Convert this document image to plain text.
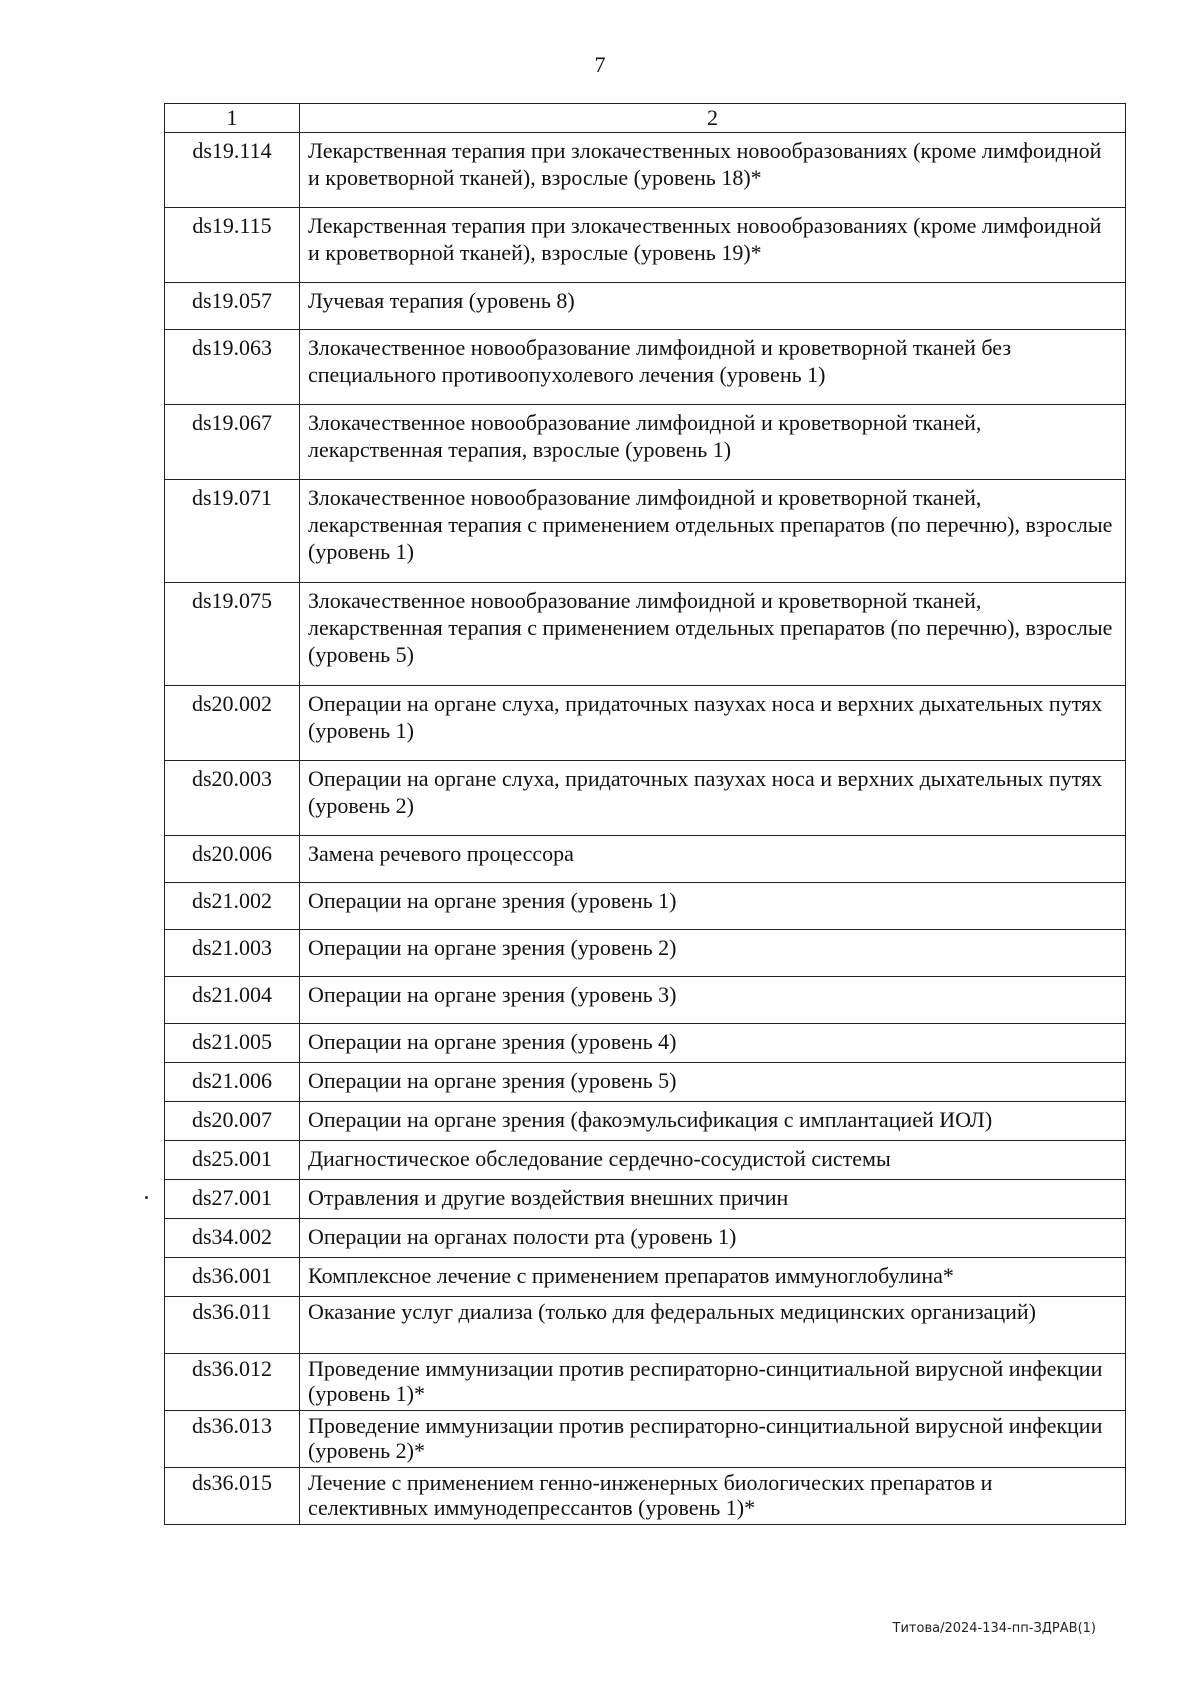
7
1	2
ds19.114	Лекарственная терапия при злокачественных новообразованиях (кроме лимфоидной и кроветворной тканей), взрослые (уровень 18)*
ds19.115	Лекарственная терапия при злокачественных новообразованиях (кроме лимфоидной и кроветворной тканей), взрослые (уровень 19)*
ds19.057	Лучевая терапия (уровень 8)
ds19.063	Злокачественное новообразование лимфоидной и кроветворной тканей без специального противоопухолевого лечения (уровень 1)
ds19.067	Злокачественное новообразование лимфоидной и кроветворной тканей, лекарственная терапия, взрослые (уровень 1)
ds19.071	Злокачественное новообразование лимфоидной и кроветворной тканей, лекарственная терапия с применением отдельных препаратов (по перечню), взрослые (уровень 1)
ds19.075	Злокачественное новообразование лимфоидной и кроветворной тканей, лекарственная терапия с применением отдельных препаратов (по перечню), взрослые (уровень 5)
ds20.002	Операции на органе слуха, придаточных пазухах носа и верхних дыхательных путях (уровень 1)
ds20.003	Операции на органе слуха, придаточных пазухах носа и верхних дыхательных путях (уровень 2)
ds20.006	Замена речевого процессора
ds21.002	Операции на органе зрения (уровень 1)
ds21.003	Операции на органе зрения (уровень 2)
ds21.004	Операции на органе зрения (уровень 3)
ds21.005	Операции на органе зрения (уровень 4)
ds21.006	Операции на органе зрения (уровень 5)
ds20.007	Операции на органе зрения (факоэмульсификация с имплантацией ИОЛ)
ds25.001	Диагностическое обследование сердечно-сосудистой системы
ds27.001	Отравления и другие воздействия внешних причин
ds34.002	Операции на органах полости рта (уровень 1)
ds36.001	Комплексное лечение с применением препаратов иммуноглобулина*
ds36.011	Оказание услуг диализа (только для федеральных медицинских организаций)
ds36.012	Проведение иммунизации против респираторно-синцитиальной вирусной инфекции (уровень 1)*
ds36.013	Проведение иммунизации против респираторно-синцитиальной вирусной инфекции (уровень 2)*
ds36.015	Лечение с применением генно-инженерных биологических препаратов и селективных иммунодепрессантов (уровень 1)*
Титова/2024-134-пп-ЗДРАВ(1)
